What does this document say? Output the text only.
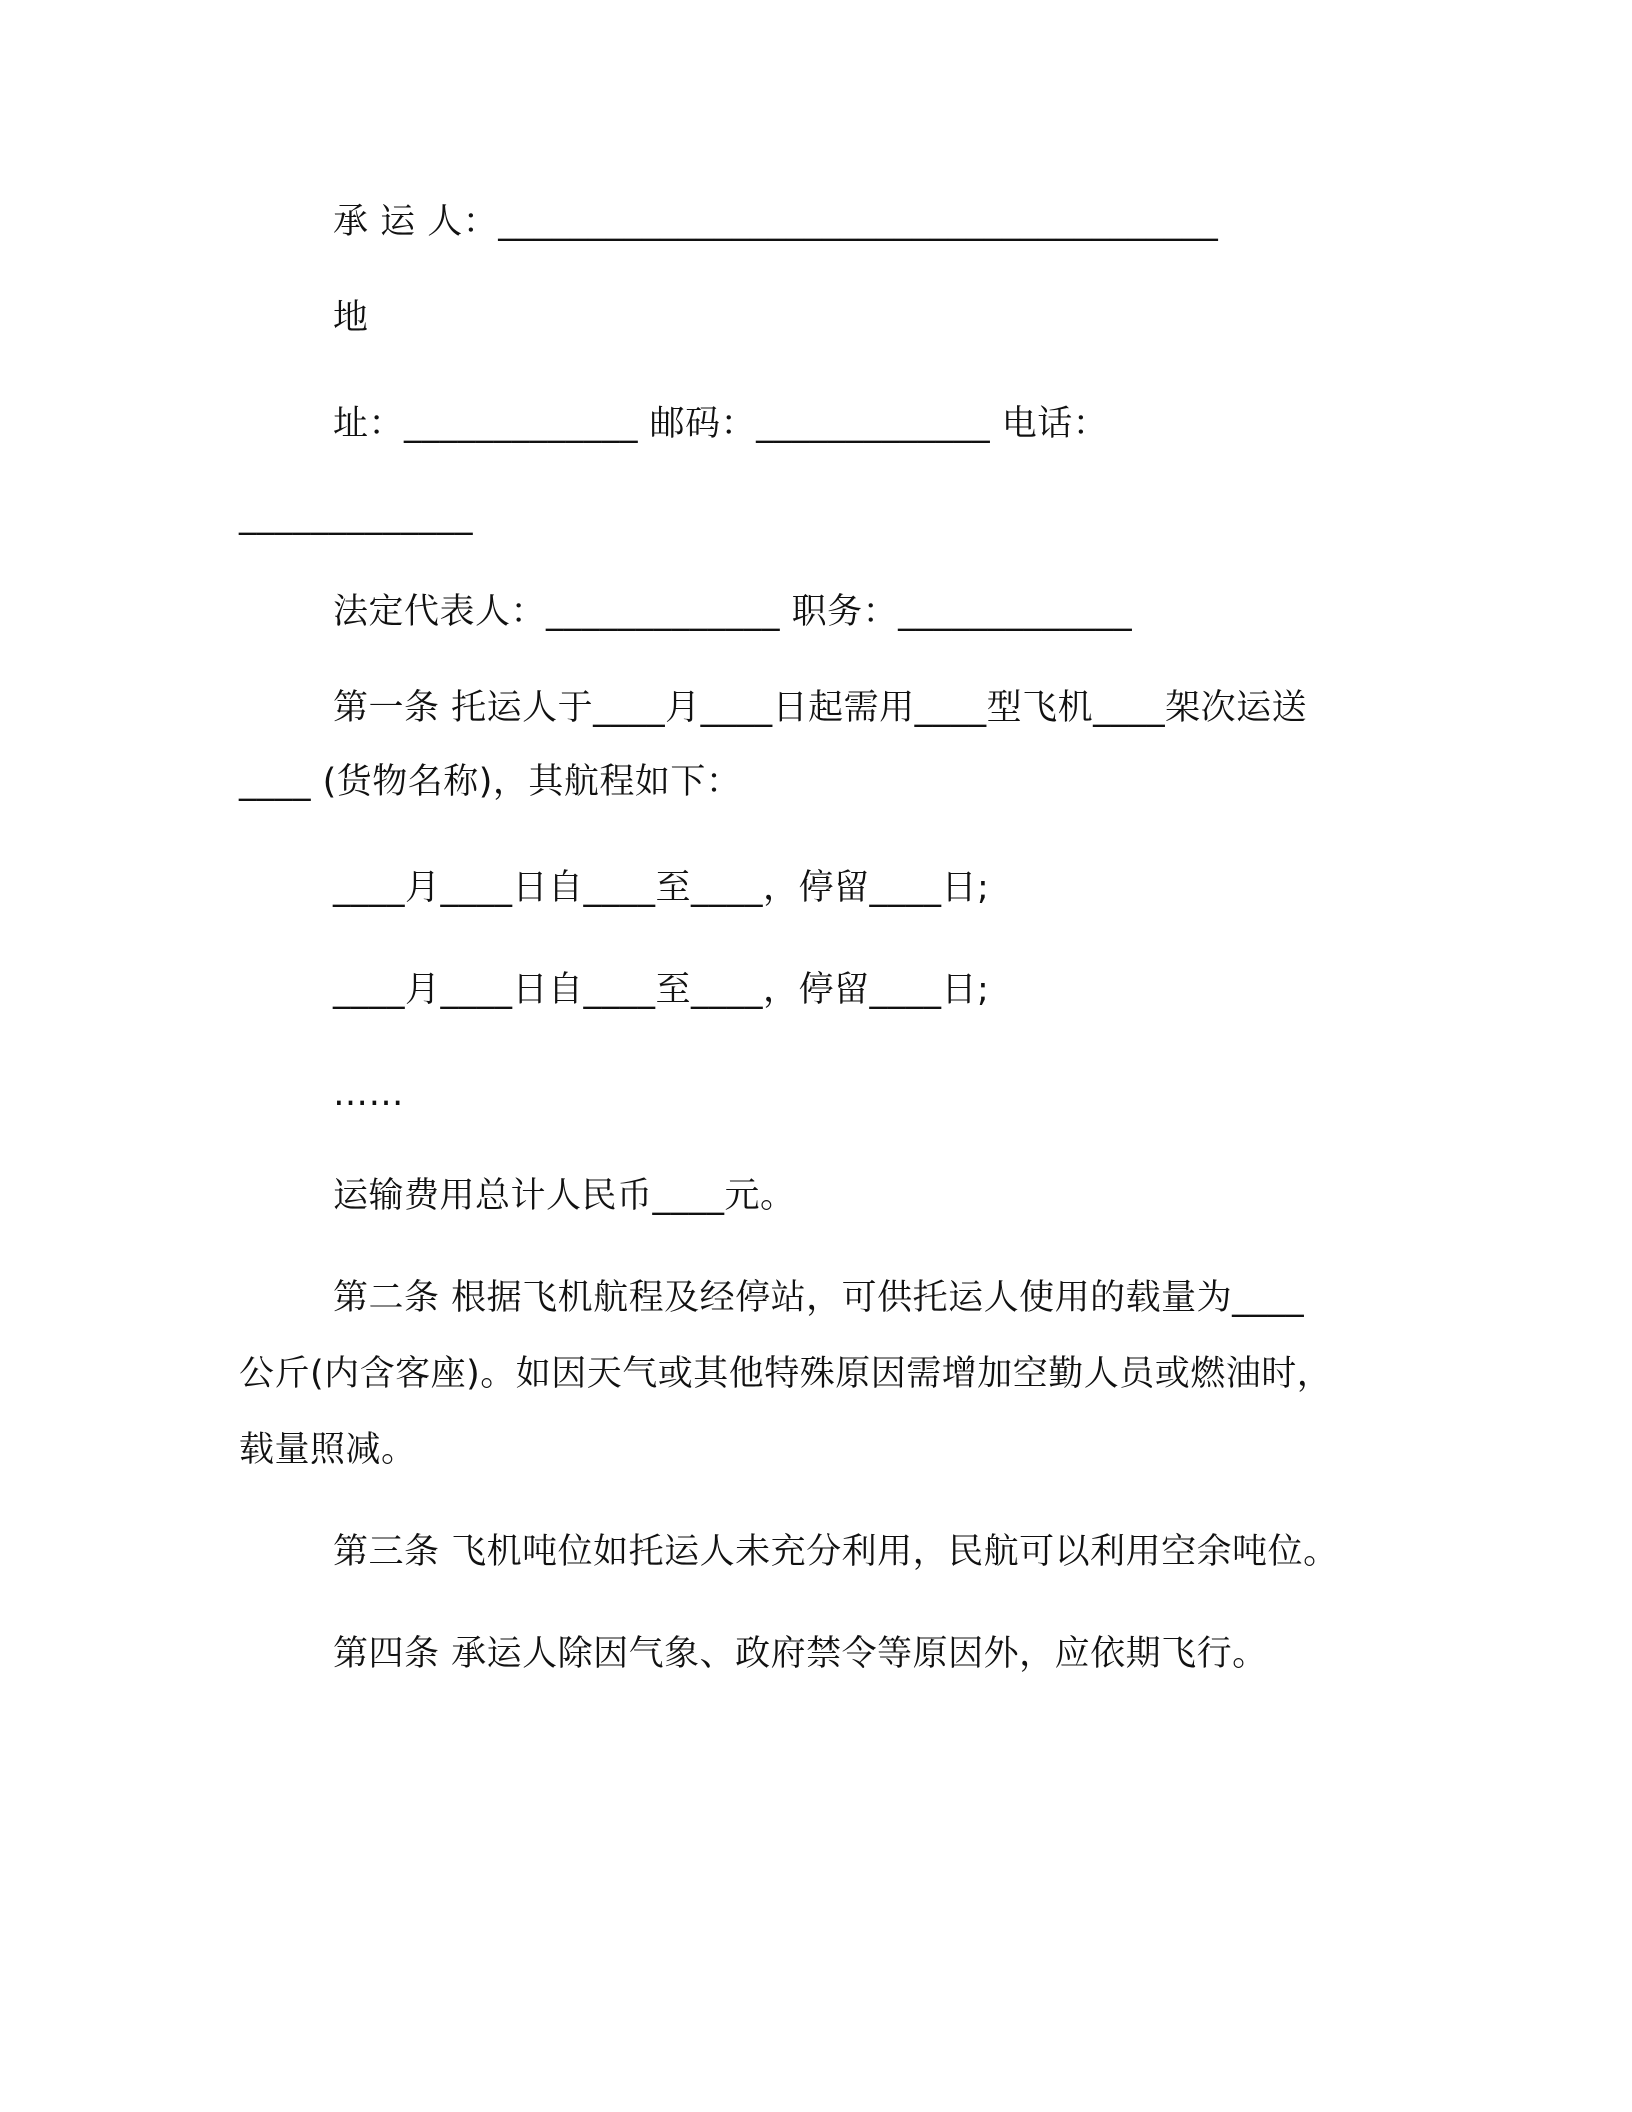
承 运 人：________________________________________

地

址：_____________ 邮码：_____________ 电话：

_____________

法定代表人：_____________ 职务：_____________

第一条 托运人于____月____日起需用____型飞机____架次运送

____ (货物名称)，其航程如下：

____月____日自____至____，停留____日;

____月____日自____至____，停留____日;

……

运输费用总计人民币____元。

第二条 根据飞机航程及经停站，可供托运人使用的载量为____

公斤(内含客座)。如因天气或其他特殊原因需增加空勤人员或燃油时，

载量照减。

第三条 飞机吨位如托运人未充分利用，民航可以利用空余吨位。

第四条 承运人除因气象、政府禁令等原因外，应依期飞行。
